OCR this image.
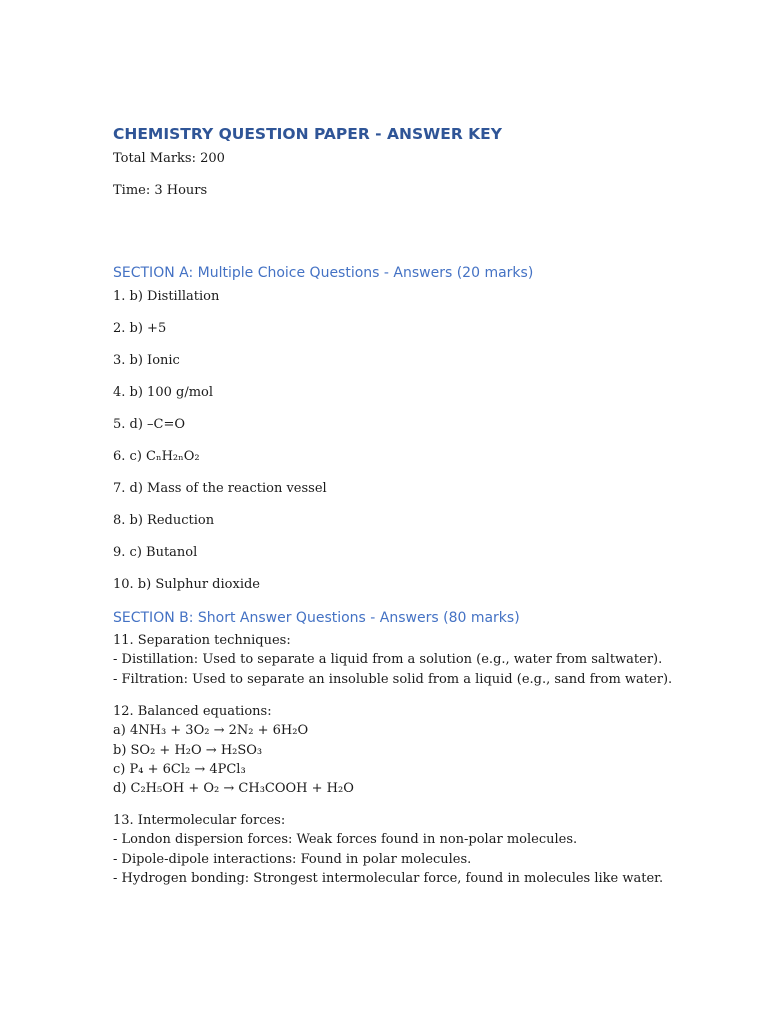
CHEMISTRY QUESTION PAPER - ANSWER KEY
Total Marks: 200
Time: 3 Hours
SECTION A: Multiple Choice Questions - Answers (20 marks)
1. b) Distillation
2. b) +5
3. b) Ionic
4. b) 100 g/mol
5. d) –C=O
6. c) CₙH₂ₙO₂
7. d) Mass of the reaction vessel
8. b) Reduction
9. c) Butanol
10. b) Sulphur dioxide
SECTION B: Short Answer Questions - Answers (80 marks)
11. Separation techniques:
- Distillation: Used to separate a liquid from a solution (e.g., water from saltwater).
- Filtration: Used to separate an insoluble solid from a liquid (e.g., sand from water).
12. Balanced equations:
a) 4NH₃ + 3O₂ → 2N₂ + 6H₂O
b) SO₂ + H₂O → H₂SO₃
c) P₄ + 6Cl₂ → 4PCl₃
d) C₂H₅OH + O₂ → CH₃COOH + H₂O
13. Intermolecular forces:
- London dispersion forces: Weak forces found in non-polar molecules.
- Dipole-dipole interactions: Found in polar molecules.
- Hydrogen bonding: Strongest intermolecular force, found in molecules like water.
